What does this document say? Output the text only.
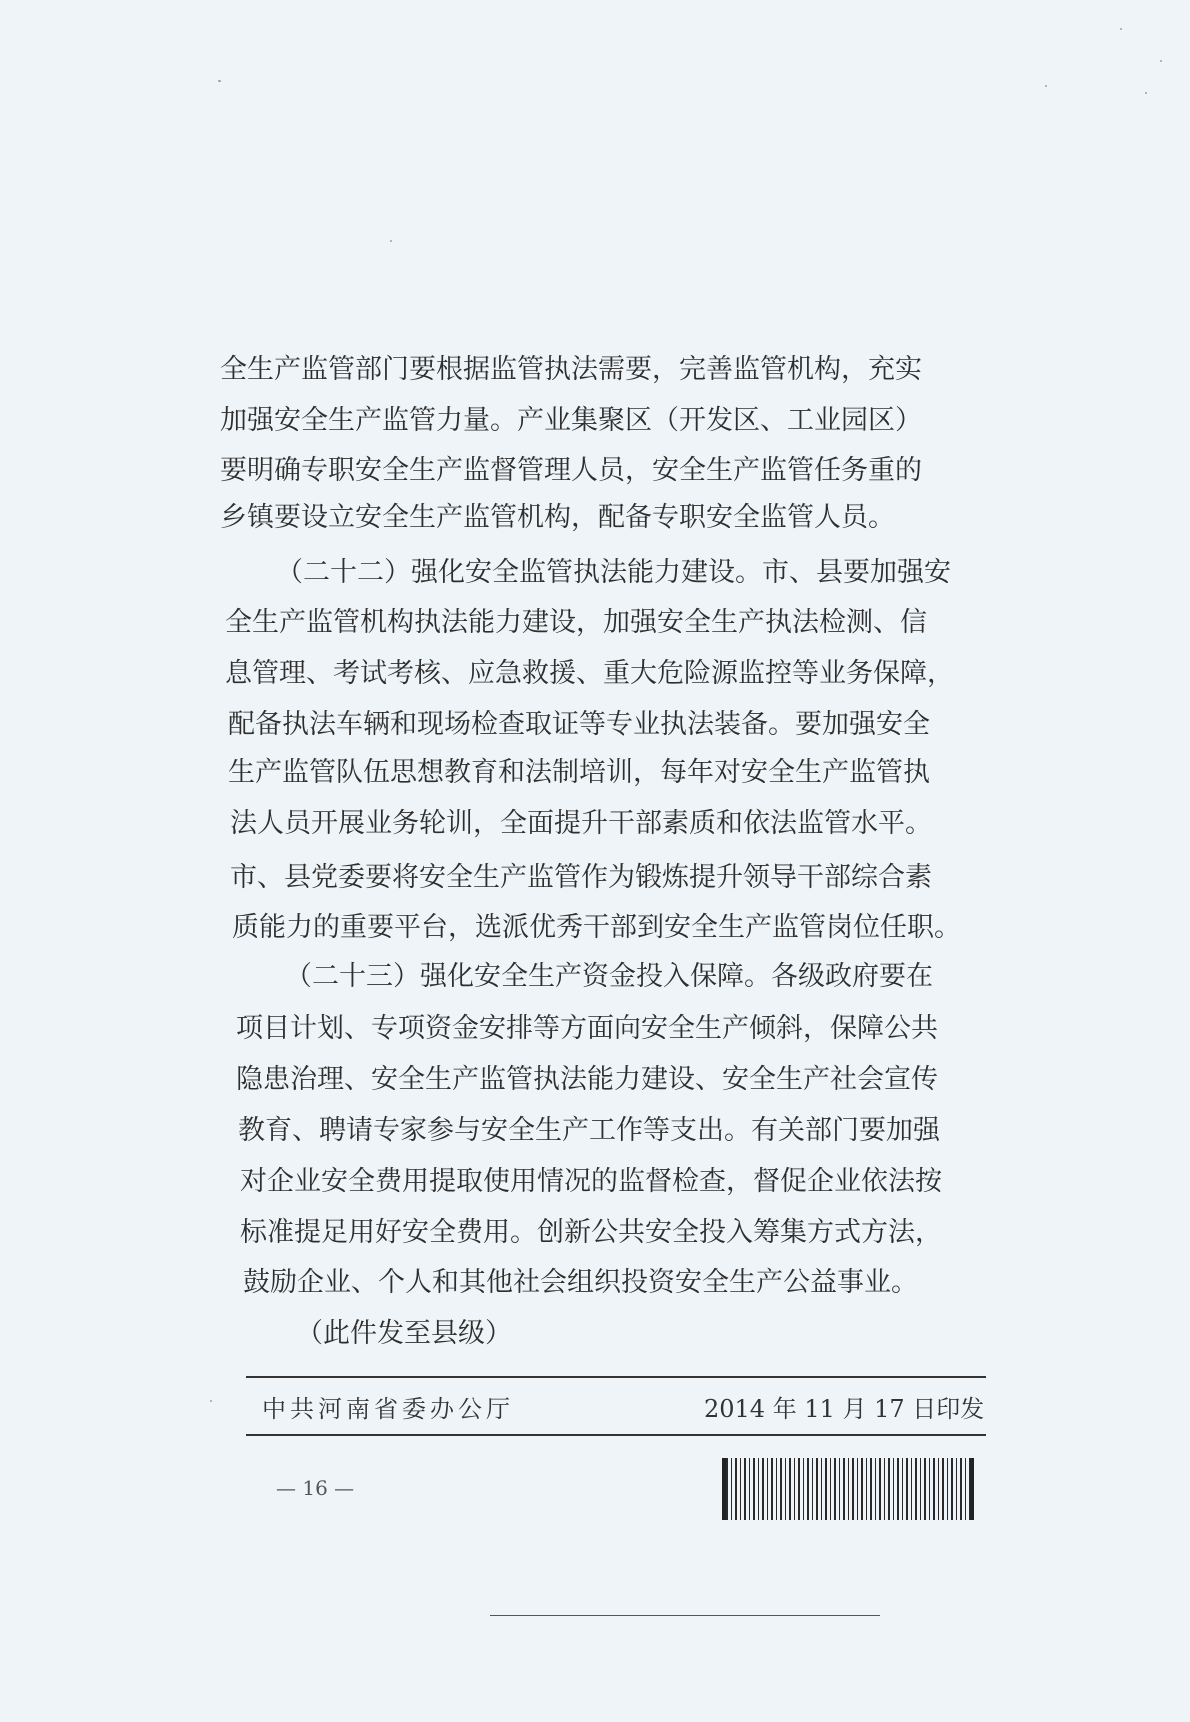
全生产监管部门要根据监管执法需要，完善监管机构，充实
加强安全生产监管力量。产业集聚区（开发区、工业园区）
要明确专职安全生产监督管理人员，安全生产监管任务重的
乡镇要设立安全生产监管机构，配备专职安全监管人员。
（二十二）强化安全监管执法能力建设。市、县要加强安
全生产监管机构执法能力建设，加强安全生产执法检测、信
息管理、考试考核、应急救援、重大危险源监控等业务保障，
配备执法车辆和现场检查取证等专业执法装备。要加强安全
生产监管队伍思想教育和法制培训，每年对安全生产监管执
法人员开展业务轮训，全面提升干部素质和依法监管水平。
市、县党委要将安全生产监管作为锻炼提升领导干部综合素
质能力的重要平台，选派优秀干部到安全生产监管岗位任职。
（二十三）强化安全生产资金投入保障。各级政府要在
项目计划、专项资金安排等方面向安全生产倾斜，保障公共
隐患治理、安全生产监管执法能力建设、安全生产社会宣传
教育、聘请专家参与安全生产工作等支出。有关部门要加强
对企业安全费用提取使用情况的监督检查，督促企业依法按
标准提足用好安全费用。创新公共安全投入筹集方式方法，
鼓励企业、个人和其他社会组织投资安全生产公益事业。
（此件发至县级）
中共河南省委办公厅	2014 年 11 月 17 日印发
— 16 —
